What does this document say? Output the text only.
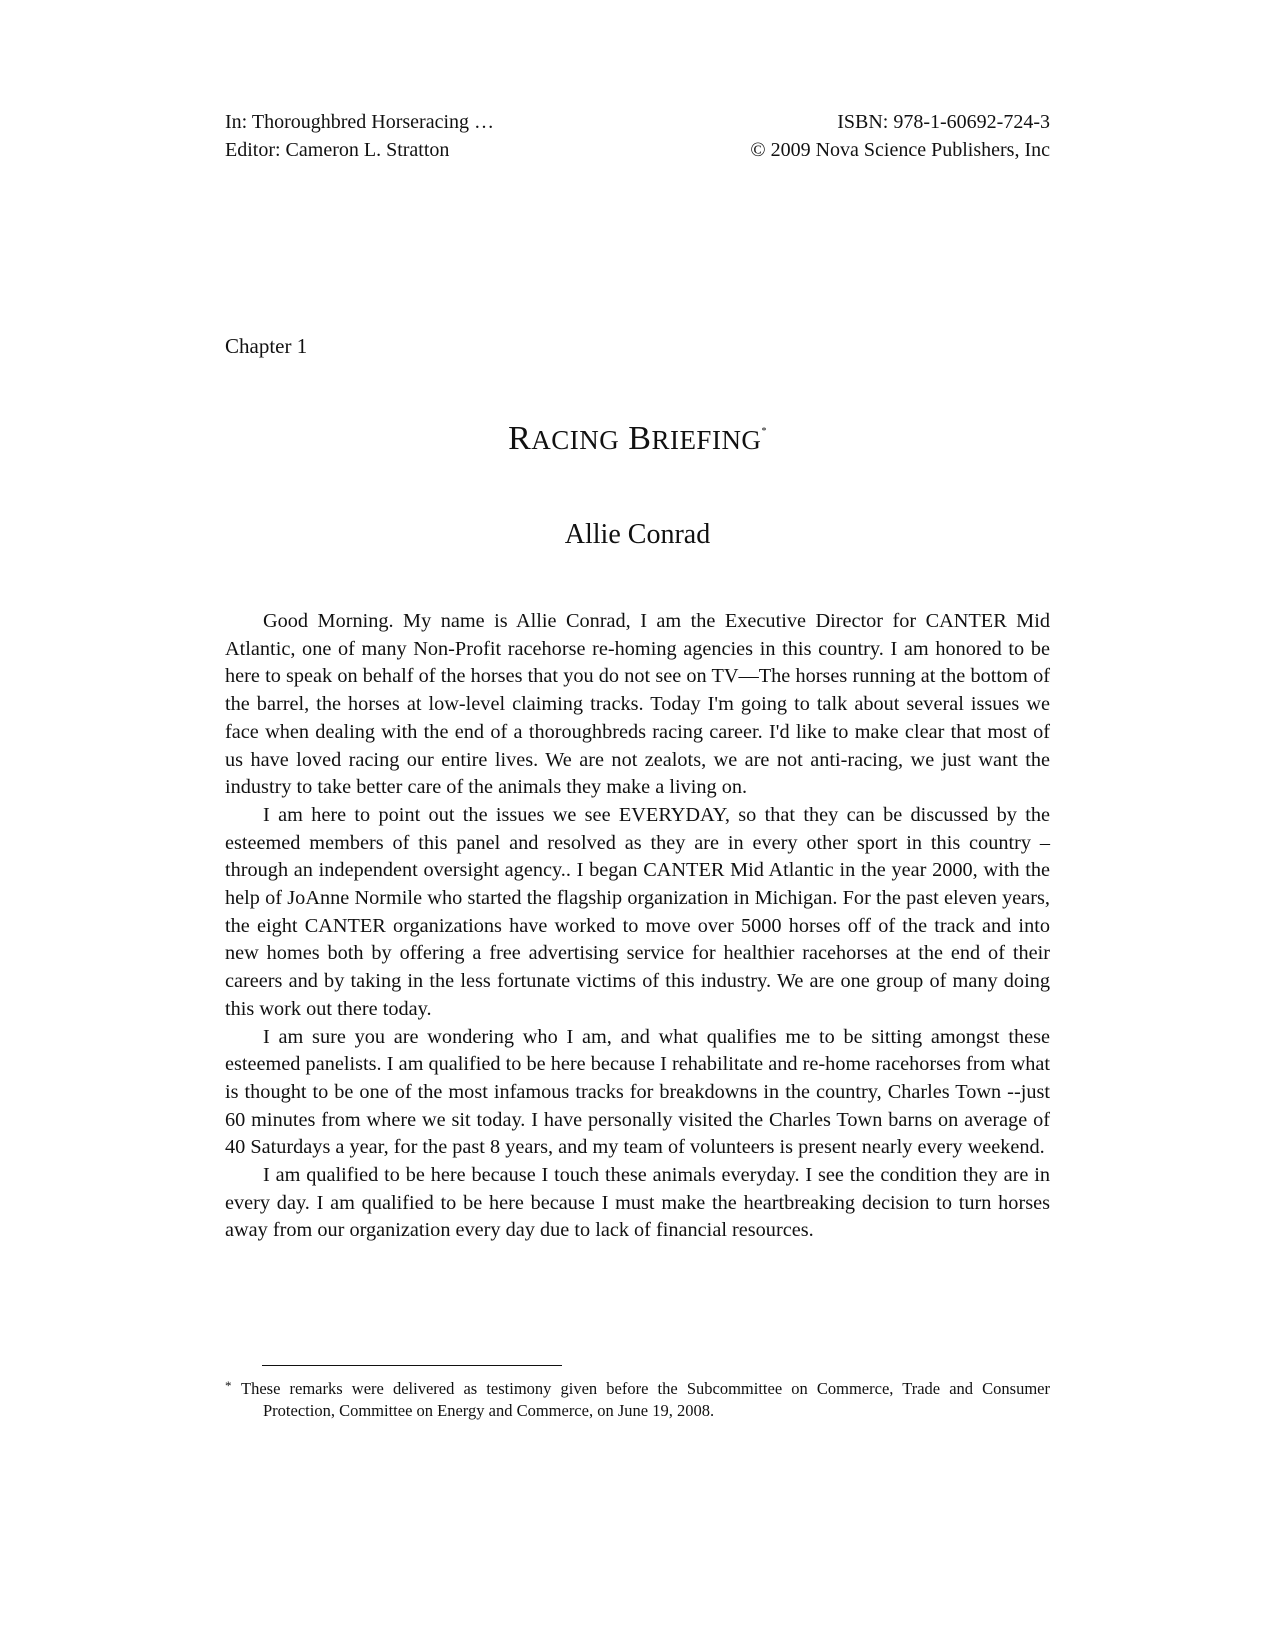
In: Thoroughbred Horseracing …	ISBN: 978-1-60692-724-3
Editor: Cameron L. Stratton	© 2009 Nova Science Publishers, Inc
Chapter 1
RACING BRIEFING*
Allie Conrad

Good Morning. My name is Allie Conrad, I am the Executive Director for CANTER Mid Atlantic, one of many Non-Profit racehorse re-homing agencies in this country. I am honored to be here to speak on behalf of the horses that you do not see on TV—The horses running at the bottom of the barrel, the horses at low-level claiming tracks. Today I'm going to talk about several issues we face when dealing with the end of a thoroughbreds racing career. I'd like to make clear that most of us have loved racing our entire lives. We are not zealots, we are not anti-racing, we just want the industry to take better care of the animals they make a living on.

I am here to point out the issues we see EVERYDAY, so that they can be discussed by the esteemed members of this panel and resolved as they are in every other sport in this country – through an independent oversight agency.. I began CANTER Mid Atlantic in the year 2000, with the help of JoAnne Normile who started the flagship organization in Michigan. For the past eleven years, the eight CANTER organizations have worked to move over 5000 horses off of the track and into new homes both by offering a free advertising service for healthier racehorses at the end of their careers and by taking in the less fortunate victims of this industry. We are one group of many doing this work out there today.

I am sure you are wondering who I am, and what qualifies me to be sitting amongst these esteemed panelists. I am qualified to be here because I rehabilitate and re-home racehorses from what is thought to be one of the most infamous tracks for breakdowns in the country, Charles Town --just 60 minutes from where we sit today. I have personally visited the Charles Town barns on average of 40 Saturdays a year, for the past 8 years, and my team of volunteers is present nearly every weekend.

I am qualified to be here because I touch these animals everyday. I see the condition they are in every day. I am qualified to be here because I must make the heartbreaking decision to turn horses away from our organization every day due to lack of financial resources.

* These remarks were delivered as testimony given before the Subcommittee on Commerce, Trade and Consumer Protection, Committee on Energy and Commerce, on June 19, 2008.
